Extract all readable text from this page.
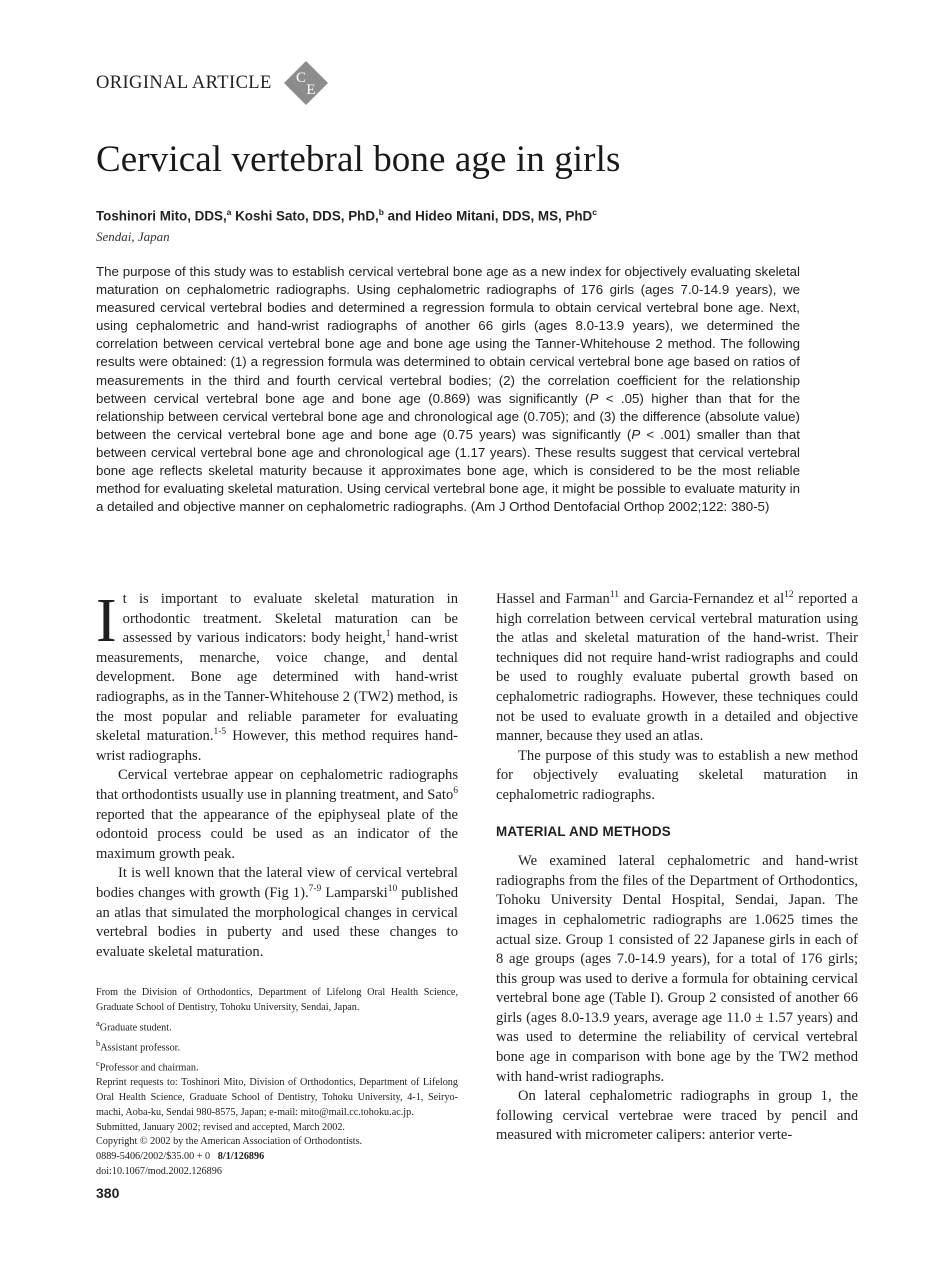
ORIGINAL ARTICLE C
E
Cervical vertebral bone age in girls
Toshinori Mito, DDS,$^a$ Koshi Sato, DDS, PhD,$^b$ and Hideo Mitani, DDS, MS, PhD$^c$
Sendai, Japan

The purpose of this study was to establish cervical vertebral bone age as a new index for objectively evaluating skeletal maturation on cephalometric radiographs. Using cephalometric radiographs of 176 girls (ages 7.0-14.9 years), we measured cervical vertebral bodies and determined a regression formula to obtain cervical vertebral bone age. Next, using cephalometric and hand-wrist radiographs of another 66 girls (ages 8.0-13.9 years), we determined the correlation between cervical vertebral bone age and bone age using the Tanner-Whitehouse 2 method. The following results were obtained: (1) a regression formula was determined to obtain cervical vertebral bone age based on ratios of measurements in the third and fourth cervical vertebral bodies; (2) the correlation coefficient for the relationship between cervical vertebral bone age and bone age (0.869) was significantly (P < .05) higher than that for the relationship between cervical vertebral bone age and chronological age (0.705); and (3) the difference (absolute value) between the cervical vertebral bone age and bone age (0.75 years) was significantly (P < .001) smaller than that between cervical vertebral bone age and chronological age (1.17 years). These results suggest that cervical vertebral bone age reflects skeletal maturity because it approximates bone age, which is considered to be the most reliable method for evaluating skeletal maturation. Using cervical vertebral bone age, it might be possible to evaluate maturity in a detailed and objective manner on cephalometric radiographs. (Am J Orthod Dentofacial Orthop 2002;122: 380-5)

It is important to evaluate skeletal maturation in orthodontic treatment. Skeletal maturation can be assessed by various indicators: body height,$^1$ hand-wrist measurements, menarche, voice change, and dental development. Bone age determined with hand-wrist radiographs, as in the Tanner-Whitehouse 2 (TW2) method, is the most popular and reliable parameter for evaluating skeletal maturation.$^{1-5}$ However, this method requires hand-wrist radiographs.

Cervical vertebrae appear on cephalometric radiographs that orthodontists usually use in planning treatment, and Sato$^6$ reported that the appearance of the epiphyseal plate of the odontoid process could be used as an indicator of the maximum growth peak.

It is well known that the lateral view of cervical vertebral bodies changes with growth (Fig 1).$^{7-9}$ Lamparski$^{10}$ published an atlas that simulated the morphological changes in cervical vertebral bodies in puberty and used these changes to evaluate skeletal maturation.

Hassel and Farman$^{11}$ and Garcia-Fernandez et al$^{12}$ reported a high correlation between cervical vertebral maturation using the atlas and skeletal maturation of the hand-wrist. Their techniques did not require hand-wrist radiographs and could be used to roughly evaluate pubertal growth based on cephalometric radiographs. However, these techniques could not be used to evaluate growth in a detailed and objective manner, because they used an atlas.

The purpose of this study was to establish a new method for objectively evaluating skeletal maturation in cephalometric radiographs.

MATERIAL AND METHODS

We examined lateral cephalometric and hand-wrist radiographs from the files of the Department of Orthodontics, Tohoku University Dental Hospital, Sendai, Japan. The images in cephalometric radiographs are 1.0625 times the actual size. Group 1 consisted of 22 Japanese girls in each of 8 age groups (ages 7.0-14.9 years), for a total of 176 girls; this group was used to derive a formula for obtaining cervical vertebral bone age (Table I). Group 2 consisted of another 66 girls (ages 8.0-13.9 years, average age 11.0 ± 1.57 years) and was used to determine the reliability of cervical vertebral bone age in comparison with bone age by the TW2 method with hand-wrist radiographs.

On lateral cephalometric radiographs in group 1, the following cervical vertebrae were traced by pencil and measured with micrometer calipers: anterior verte-

From the Division of Orthodontics, Department of Lifelong Oral Health Science, Graduate School of Dentistry, Tohoku University, Sendai, Japan.

$^a$Graduate student.

$^b$Assistant professor.

$^c$Professor and chairman.

Reprint requests to: Toshinori Mito, Division of Orthodontics, Department of Lifelong Oral Health Science, Graduate School of Dentistry, Tohoku University, 4-1, Seiryo-machi, Aoba-ku, Sendai 980-8575, Japan; e-mail: mito@mail.cc.tohoku.ac.jp.

Submitted, January 2002; revised and accepted, March 2002.

Copyright © 2002 by the American Association of Orthodontists.

0889-5406/2002/$35.00 + 0 8/1/126896

doi:10.1067/mod.2002.126896

380
